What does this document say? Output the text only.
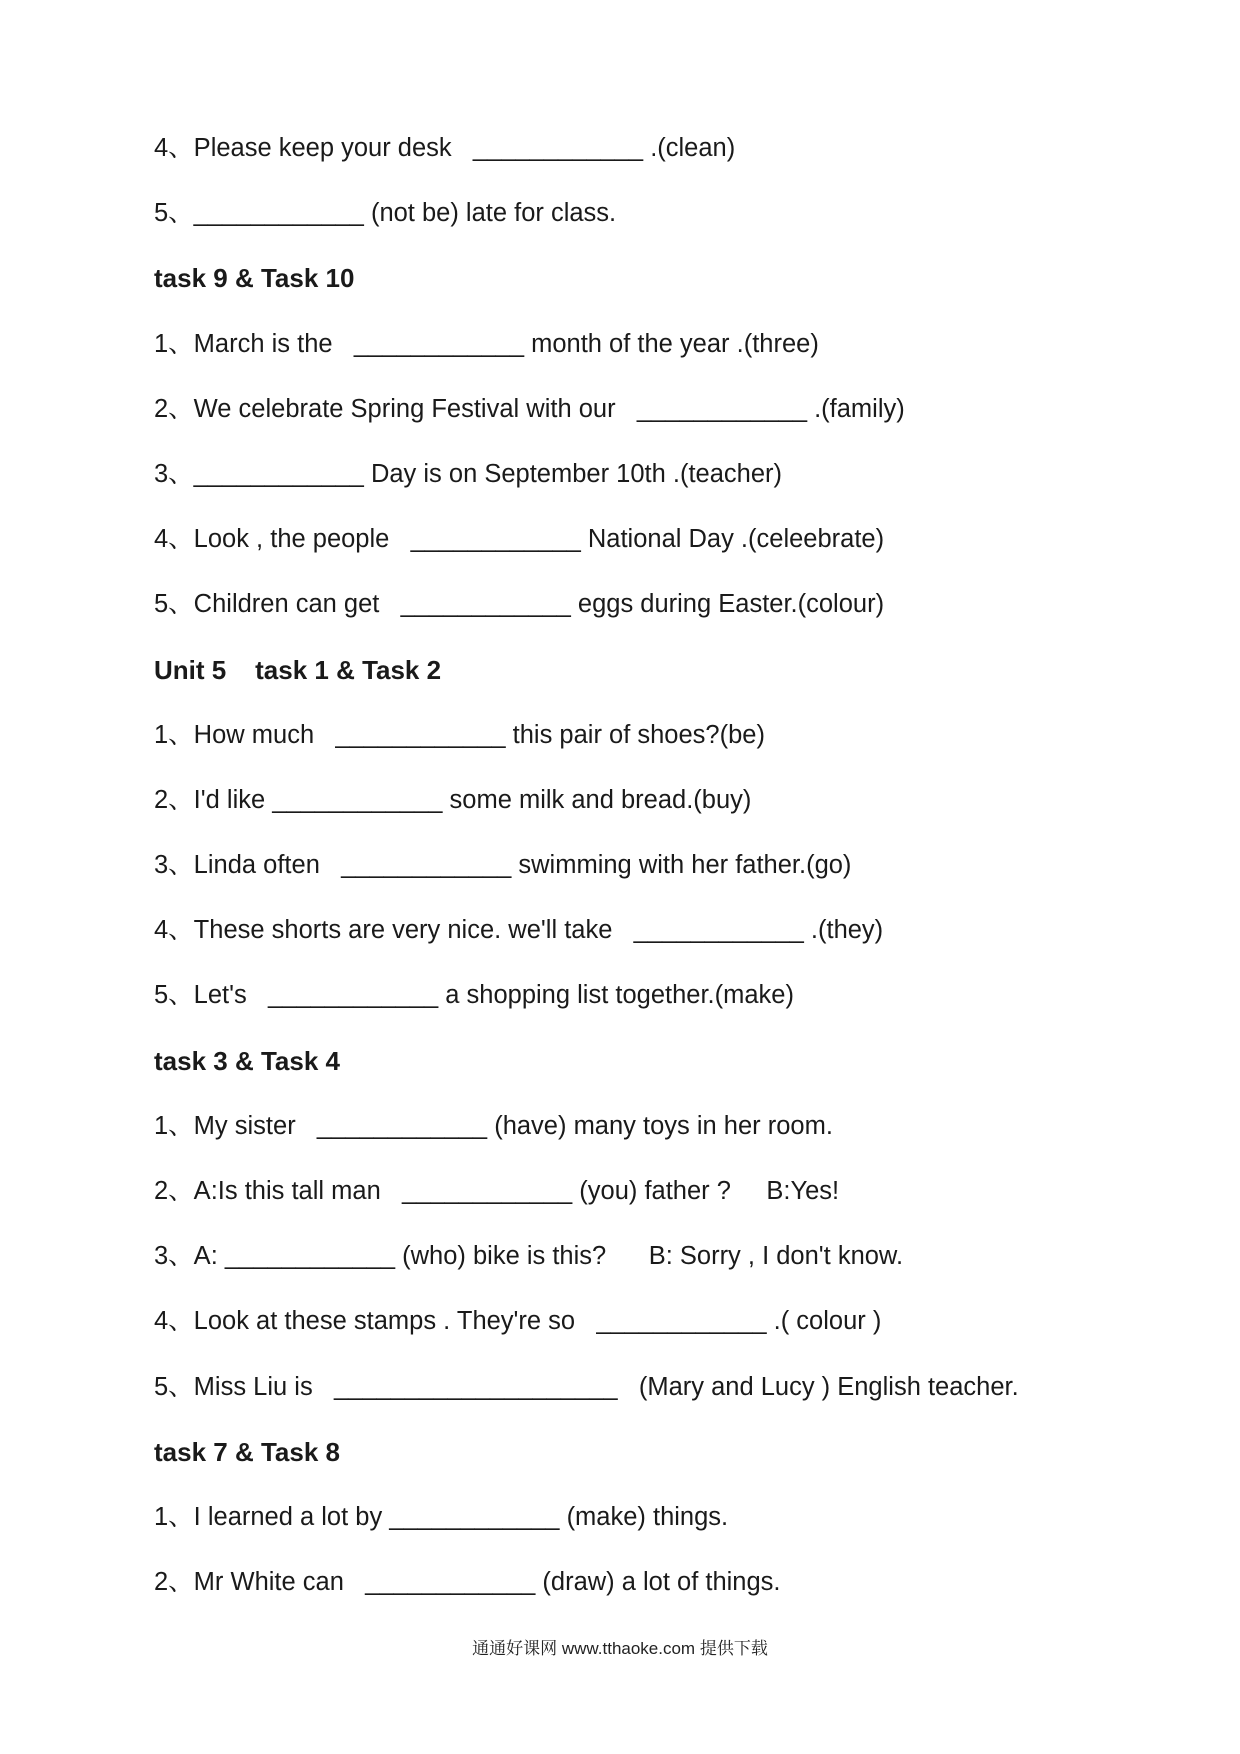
4、Please keep your desk   ____________ .(clean)
5、____________ (not be) late for class.
task 9 & Task 10
1、March is the   ____________ month of the year .(three)
2、We celebrate Spring Festival with our   ____________ .(family)
3、____________ Day is on September 10th .(teacher)
4、Look , the people   ____________ National Day .(celeebrate)
5、Children can get   ____________ eggs during Easter.(colour)
Unit 5    task 1 & Task 2
1、How much   ____________ this pair of shoes?(be)
2、I'd like ____________ some milk and bread.(buy)
3、Linda often   ____________ swimming with her father.(go)
4、These shorts are very nice. we'll take   ____________ .(they)
5、Let's   ____________ a shopping list together.(make)
task 3 & Task 4
1、My sister   ____________ (have) many toys in her room.
2、A:Is this tall man   ____________ (you) father ?     B:Yes!
3、A: ____________ (who) bike is this?      B: Sorry , I don't know.
4、Look at these stamps . They're so   ____________ .( colour )
5、Miss Liu is   ____________________   (Mary and Lucy ) English teacher.
task 7 & Task 8
1、I learned a lot by ____________ (make) things.
2、Mr White can   ____________ (draw) a lot of things.
通通好课网 www.tthaoke.com 提供下载
